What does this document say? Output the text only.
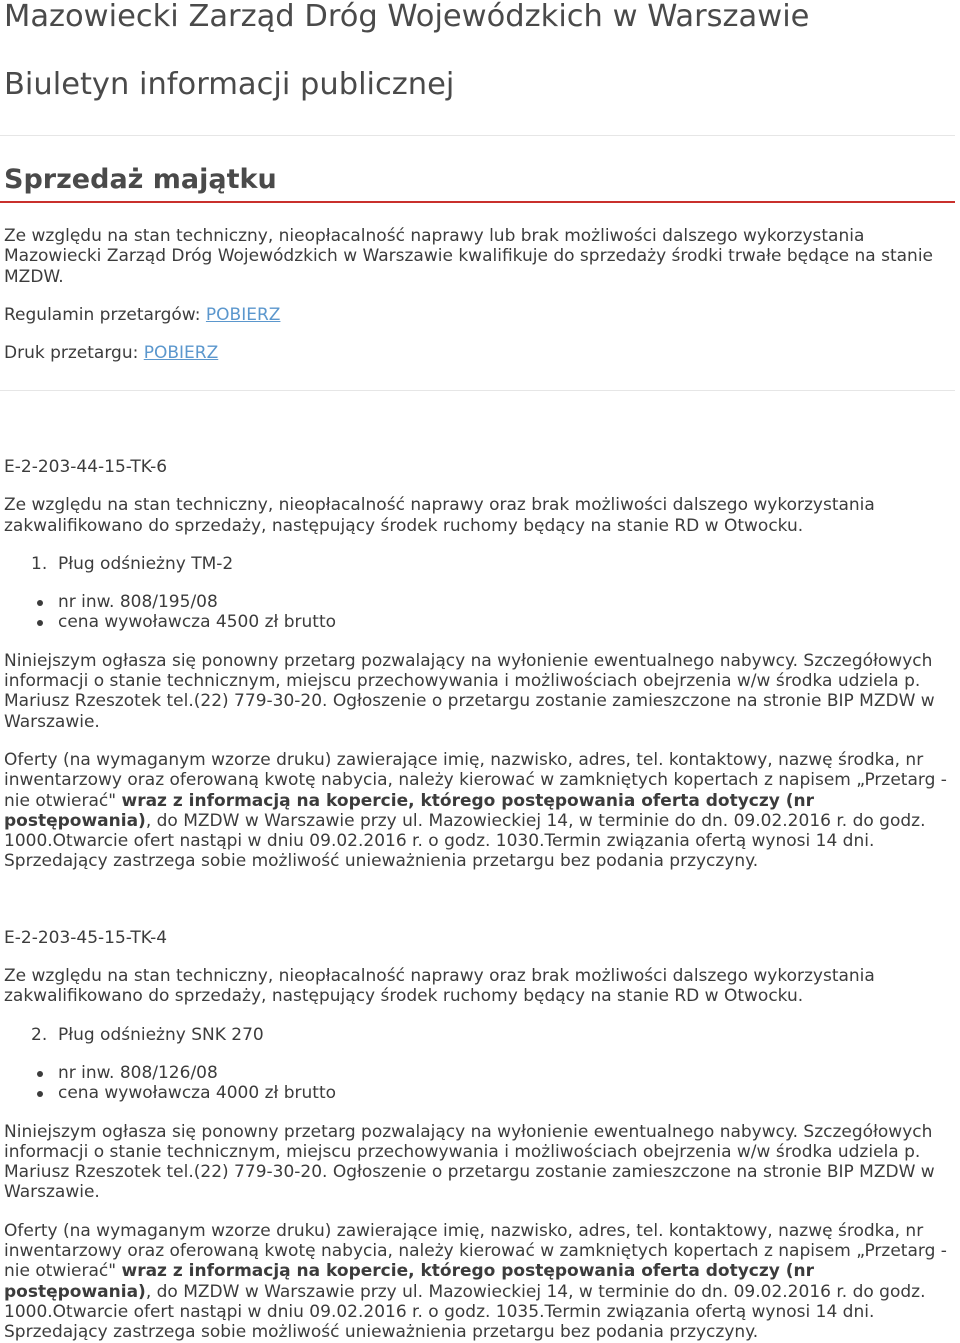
Mazowiecki Zarząd Dróg Wojewódzkich w Warszawie
Biuletyn informacji publicznej
Sprzedaż majątku

Ze względu na stan techniczny, nieopłacalność naprawy lub brak możliwości dalszego wykorzystania Mazowiecki Zarząd Dróg Wojewódzkich w Warszawie kwalifikuje do sprzedaży środki trwałe będące na stanie MZDW.

Regulamin przetargów: POBIERZ

Druk przetargu: POBIERZ

E-2-203-44-15-TK-6

Ze względu na stan techniczny, nieopłacalność naprawy oraz brak możliwości dalszego wykorzystania zakwalifikowano do sprzedaży, następujący środek ruchomy będący na stanie RD w Otwocku.

1. Pług odśnieżny TM-2
nr inw. 808/195/08
cena wywoławcza 4500 zł brutto

Niniejszym ogłasza się ponowny przetarg pozwalający na wyłonienie ewentualnego nabywcy. Szczegółowych informacji o stanie technicznym, miejscu przechowywania i możliwościach obejrzenia w/w środka udziela p. Mariusz Rzeszotek tel.(22) 779-30-20. Ogłoszenie o przetargu zostanie zamieszczone na stronie BIP MZDW w Warszawie.

Oferty (na wymaganym wzorze druku) zawierające imię, nazwisko, adres, tel. kontaktowy, nazwę środka, nr inwentarzowy oraz oferowaną kwotę nabycia, należy kierować w zamkniętych kopertach z napisem „Przetarg - nie otwierać" wraz z informacją na kopercie, którego postępowania oferta dotyczy (nr postępowania), do MZDW w Warszawie przy ul. Mazowieckiej 14, w terminie do dn. 09.02.2016 r. do godz. 1000.Otwarcie ofert nastąpi w dniu 09.02.2016 r. o godz. 1030.Termin związania ofertą wynosi 14 dni. Sprzedający zastrzega sobie możliwość unieważnienia przetargu bez podania przyczyny.

E-2-203-45-15-TK-4

Ze względu na stan techniczny, nieopłacalność naprawy oraz brak możliwości dalszego wykorzystania zakwalifikowano do sprzedaży, następujący środek ruchomy będący na stanie RD w Otwocku.

2. Pług odśnieżny SNK 270
nr inw. 808/126/08
cena wywoławcza 4000 zł brutto

Niniejszym ogłasza się ponowny przetarg pozwalający na wyłonienie ewentualnego nabywcy. Szczegółowych informacji o stanie technicznym, miejscu przechowywania i możliwościach obejrzenia w/w środka udziela p. Mariusz Rzeszotek tel.(22) 779-30-20. Ogłoszenie o przetargu zostanie zamieszczone na stronie BIP MZDW w Warszawie.

Oferty (na wymaganym wzorze druku) zawierające imię, nazwisko, adres, tel. kontaktowy, nazwę środka, nr inwentarzowy oraz oferowaną kwotę nabycia, należy kierować w zamkniętych kopertach z napisem „Przetarg - nie otwierać" wraz z informacją na kopercie, którego postępowania oferta dotyczy (nr postępowania), do MZDW w Warszawie przy ul. Mazowieckiej 14, w terminie do dn. 09.02.2016 r. do godz. 1000.Otwarcie ofert nastąpi w dniu 09.02.2016 r. o godz. 1035.Termin związania ofertą wynosi 14 dni. Sprzedający zastrzega sobie możliwość unieważnienia przetargu bez podania przyczyny.
